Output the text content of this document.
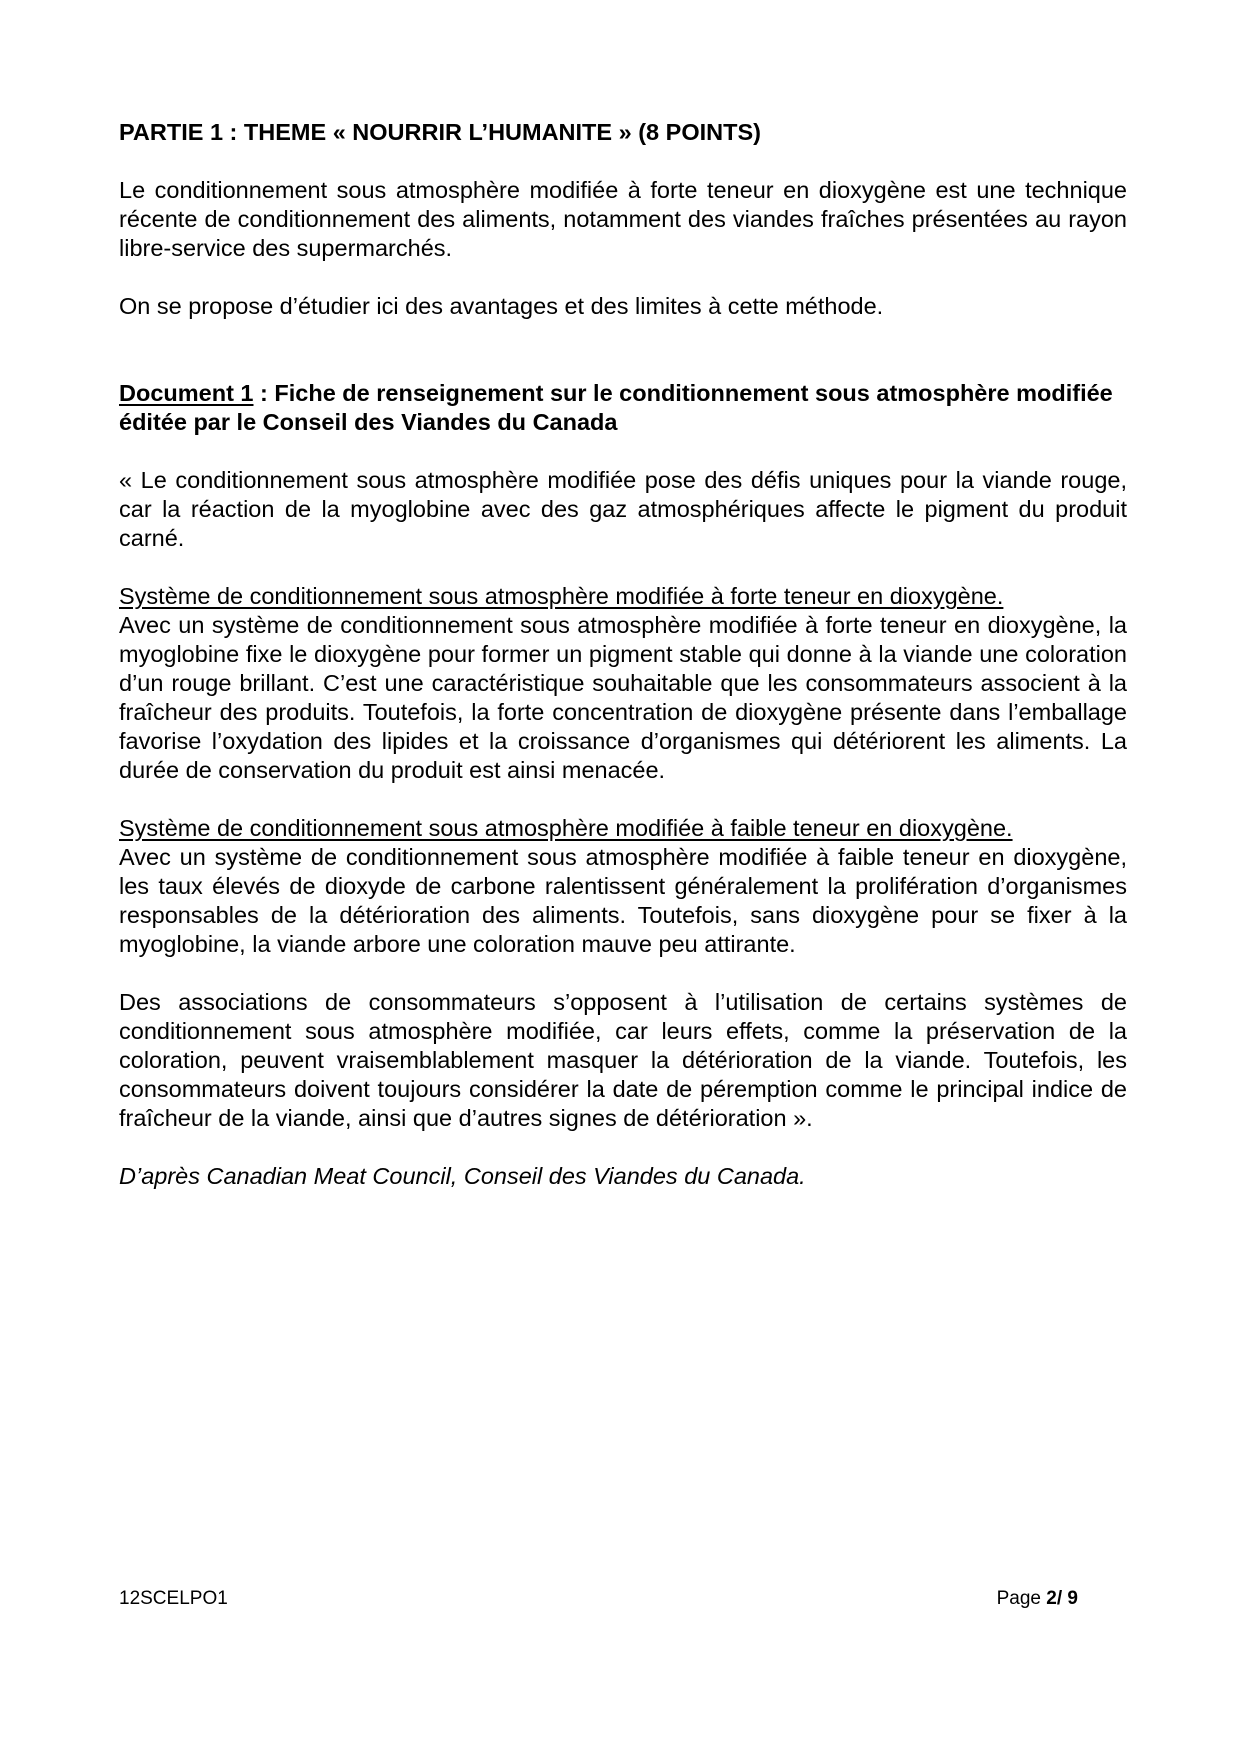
PARTIE 1 : THEME « NOURRIR L’HUMANITE » (8 POINTS)

Le conditionnement sous atmosphère modifiée à forte teneur en dioxygène est une technique récente de conditionnement des aliments, notamment des viandes fraîches présentées au rayon libre-service des supermarchés.

On se propose d’étudier ici des avantages et des limites à cette méthode.

Document 1 : Fiche de renseignement sur le conditionnement sous atmosphère modifiée éditée par le Conseil des Viandes du Canada

« Le conditionnement sous atmosphère modifiée pose des défis uniques pour la viande rouge, car la réaction de la myoglobine avec des gaz atmosphériques affecte le pigment du produit carné.

Système de conditionnement sous atmosphère modifiée à forte teneur en dioxygène.

Avec un système de conditionnement sous atmosphère modifiée à forte teneur en dioxygène, la myoglobine fixe le dioxygène pour former un pigment stable qui donne à la viande une coloration d’un rouge brillant. C’est une caractéristique souhaitable que les consommateurs associent à la fraîcheur des produits. Toutefois, la forte concentration de dioxygène présente dans l’emballage favorise l’oxydation des lipides et la croissance d’organismes qui détériorent les aliments. La durée de conservation du produit est ainsi menacée.

Système de conditionnement sous atmosphère modifiée à faible teneur en dioxygène.

Avec un système de conditionnement sous atmosphère modifiée à faible teneur en dioxygène, les taux élevés de dioxyde de carbone ralentissent généralement la prolifération d’organismes responsables de la détérioration des aliments. Toutefois, sans dioxygène pour se fixer à la myoglobine, la viande arbore une coloration mauve peu attirante.

Des associations de consommateurs s’opposent à l’utilisation de certains systèmes de conditionnement sous atmosphère modifiée, car leurs effets, comme la préservation de la coloration, peuvent vraisemblablement masquer la détérioration de la viande. Toutefois, les consommateurs doivent toujours considérer la date de péremption comme le principal indice de fraîcheur de la viande, ainsi que d’autres signes de détérioration ».

D’après Canadian Meat Council, Conseil des Viandes du Canada.
12SCELPO1	Page 2/ 9
